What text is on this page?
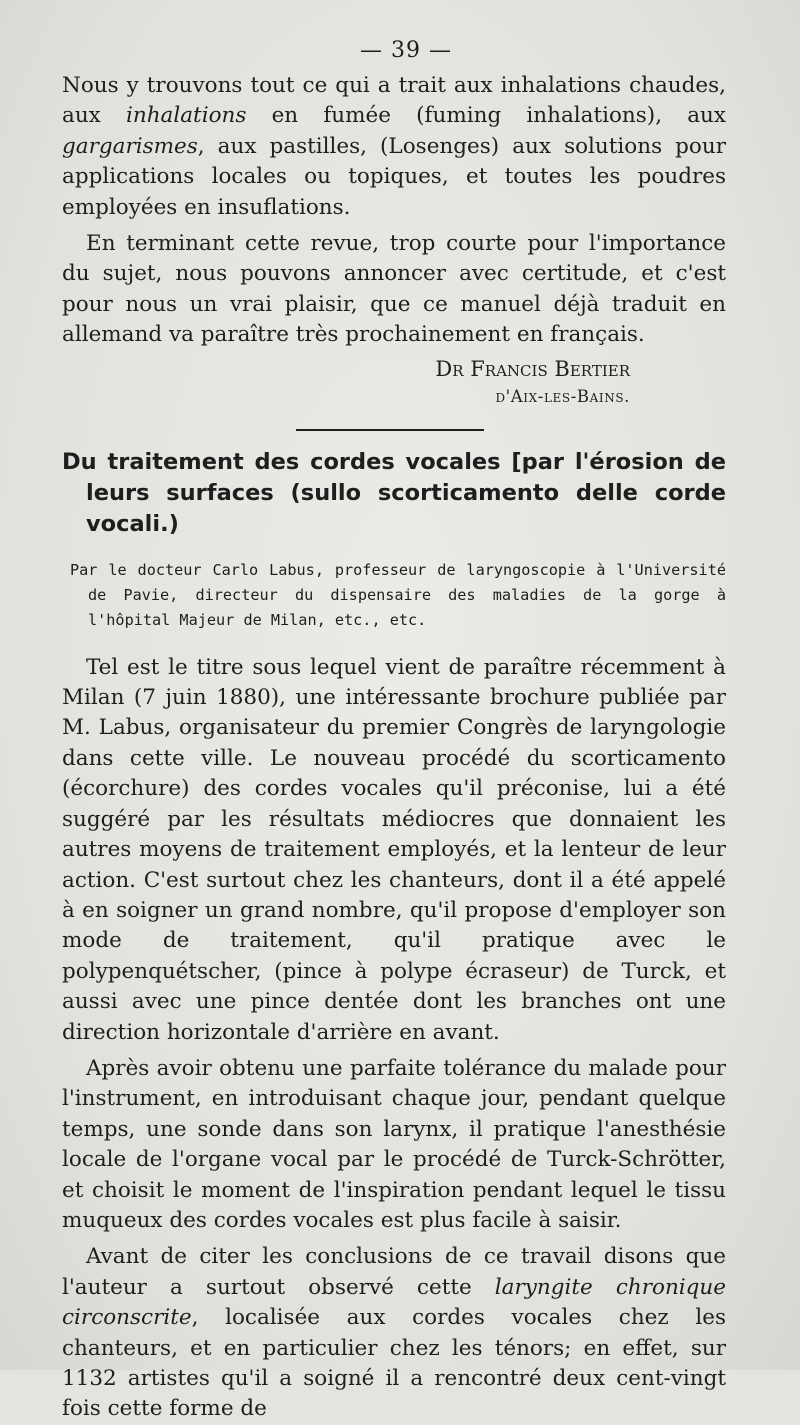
— 39 —

Nous y trouvons tout ce qui a trait aux inhalations chaudes, aux inhalations en fumée (fuming inhalations), aux gargarismes, aux pastilles, (Losenges) aux solutions pour applications locales ou topiques, et toutes les poudres employées en insuflations.

En terminant cette revue, trop courte pour l'importance du sujet, nous pouvons annoncer avec certitude, et c'est pour nous un vrai plaisir, que ce manuel déjà traduit en allemand va paraître très prochainement en français.

Dr Francis Bertier
d'Aix-les-Bains.
Du traitement des cordes vocales [par l'érosion de leurs surfaces (sullo scorticamento delle corde vocali.)

Par le docteur Carlo Labus, professeur de laryngoscopie à l'Université de Pavie, directeur du dispensaire des maladies de la gorge à l'hôpital Majeur de Milan, etc., etc.

Tel est le titre sous lequel vient de paraître récemment à Milan (7 juin 1880), une intéressante brochure publiée par M. Labus, organisateur du premier Congrès de laryngologie dans cette ville. Le nouveau procédé du scorticamento (écorchure) des cordes vocales qu'il préconise, lui a été suggéré par les résultats médiocres que donnaient les autres moyens de traitement employés, et la lenteur de leur action. C'est surtout chez les chanteurs, dont il a été appelé à en soigner un grand nombre, qu'il propose d'employer son mode de traitement, qu'il pratique avec le polypenquétscher, (pince à polype écraseur) de Turck, et aussi avec une pince dentée dont les branches ont une direction horizontale d'arrière en avant.

Après avoir obtenu une parfaite tolérance du malade pour l'instrument, en introduisant chaque jour, pendant quelque temps, une sonde dans son larynx, il pratique l'anesthésie locale de l'organe vocal par le procédé de Turck-Schrötter, et choisit le moment de l'inspiration pendant lequel le tissu muqueux des cordes vocales est plus facile à saisir.

Avant de citer les conclusions de ce travail disons que l'auteur a surtout observé cette laryngite chronique circonscrite, localisée aux cordes vocales chez les chanteurs, et en particulier chez les ténors; en effet, sur 1132 artistes qu'il a soigné il a rencontré deux cent-vingt fois cette forme de
